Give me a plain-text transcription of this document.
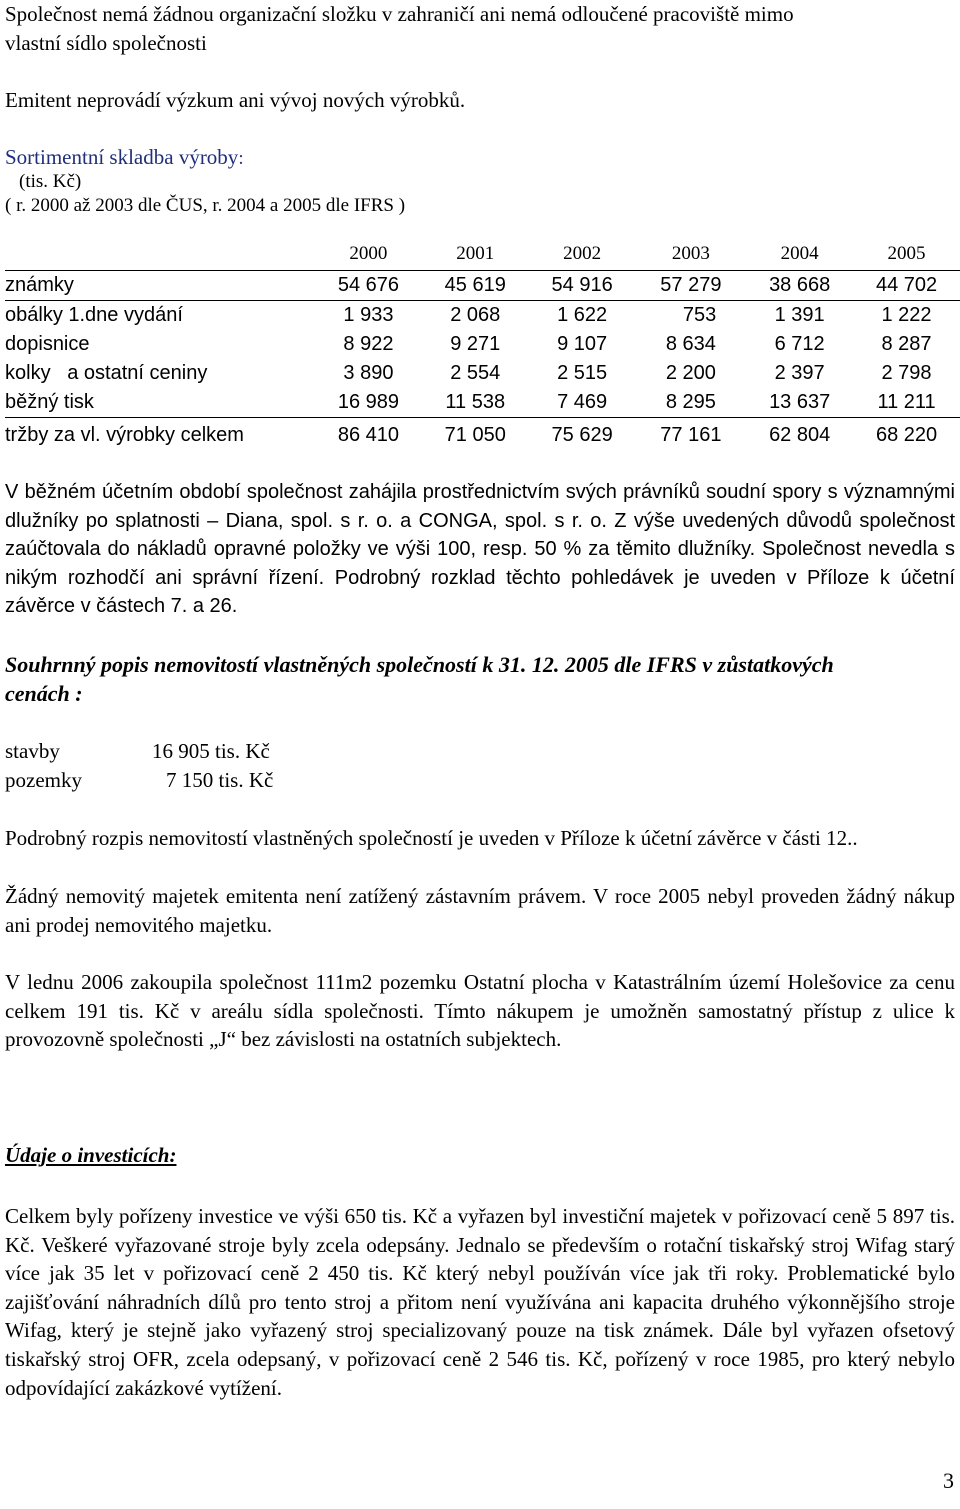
Společnost nemá žádnou organizační složku v zahraničí ani nemá odloučené pracoviště mimo
vlastní sídlo společnosti
Emitent neprovádí výzkum ani vývoj nových výrobků.
Sortimentní skladba výroby:
(tis. Kč)
( r. 2000 až 2003 dle ČUS, r. 2004 a 2005 dle IFRS )
	2000	2001	2002	2003	2004	2005
známky	54 676	45 619	54 916	57 279	38 668	44 702
obálky 1.dne vydání	1 933	2 068	1 622	753	1 391	1 222
dopisnice	8 922	9 271	9 107	8 634	6 712	8 287
kolky   a ostatní ceniny	3 890	2 554	2 515	2 200	2 397	2 798
běžný tisk	16 989	11 538	7 469	8 295	13 637	11 211
tržby za vl. výrobky celkem	86 410	71 050	75 629	77 161	62 804	68 220
V běžném účetním období společnost zahájila prostřednictvím svých právníků soudní spory s významnými dlužníky po splatnosti – Diana, spol. s r. o. a CONGA, spol. s r. o. Z výše uvedených důvodů společnost zaúčtovala do nákladů opravné položky ve výši 100, resp. 50 % za těmito dlužníky. Společnost nevedla s nikým rozhodčí ani správní řízení. Podrobný rozklad těchto pohledávek je uveden v Příloze k účetní závěrce v částech 7. a 26.
Souhrnný popis nemovitostí vlastněných společností k 31. 12. 2005 dle IFRS v zůstatkových
cenách :
stavby	16 905 tis. Kč
pozemky	7 150 tis. Kč
Podrobný rozpis nemovitostí vlastněných společností je uveden v Příloze k účetní závěrce v části 12..
Žádný nemovitý majetek emitenta není zatížený zástavním právem. V roce 2005 nebyl proveden žádný nákup ani prodej nemovitého majetku.
V lednu 2006 zakoupila společnost 111m2 pozemku Ostatní plocha v Katastrálním území Holešovice za cenu celkem 191 tis. Kč v areálu sídla společnosti. Tímto nákupem je umožněn samostatný přístup z ulice k provozovně společnosti „J“ bez závislosti na ostatních subjektech.
Údaje o investicích:
Celkem byly pořízeny investice ve výši 650 tis. Kč a vyřazen byl investiční majetek v pořizovací ceně 5 897 tis. Kč. Veškeré vyřazované stroje byly zcela odepsány. Jednalo se především o rotační tiskařský stroj Wifag starý více jak 35 let v pořizovací ceně 2 450 tis. Kč který nebyl používán více jak tři roky. Problematické bylo zajišťování náhradních dílů pro tento stroj a přitom není využívána ani kapacita druhého výkonnějšího stroje Wifag, který je stejně jako vyřazený stroj specializovaný pouze na tisk známek. Dále byl vyřazen ofsetový tiskařský stroj OFR, zcela odepsaný, v pořizovací ceně 2 546 tis. Kč, pořízený v roce 1985, pro který nebylo odpovídající zakázkové vytížení.
3
